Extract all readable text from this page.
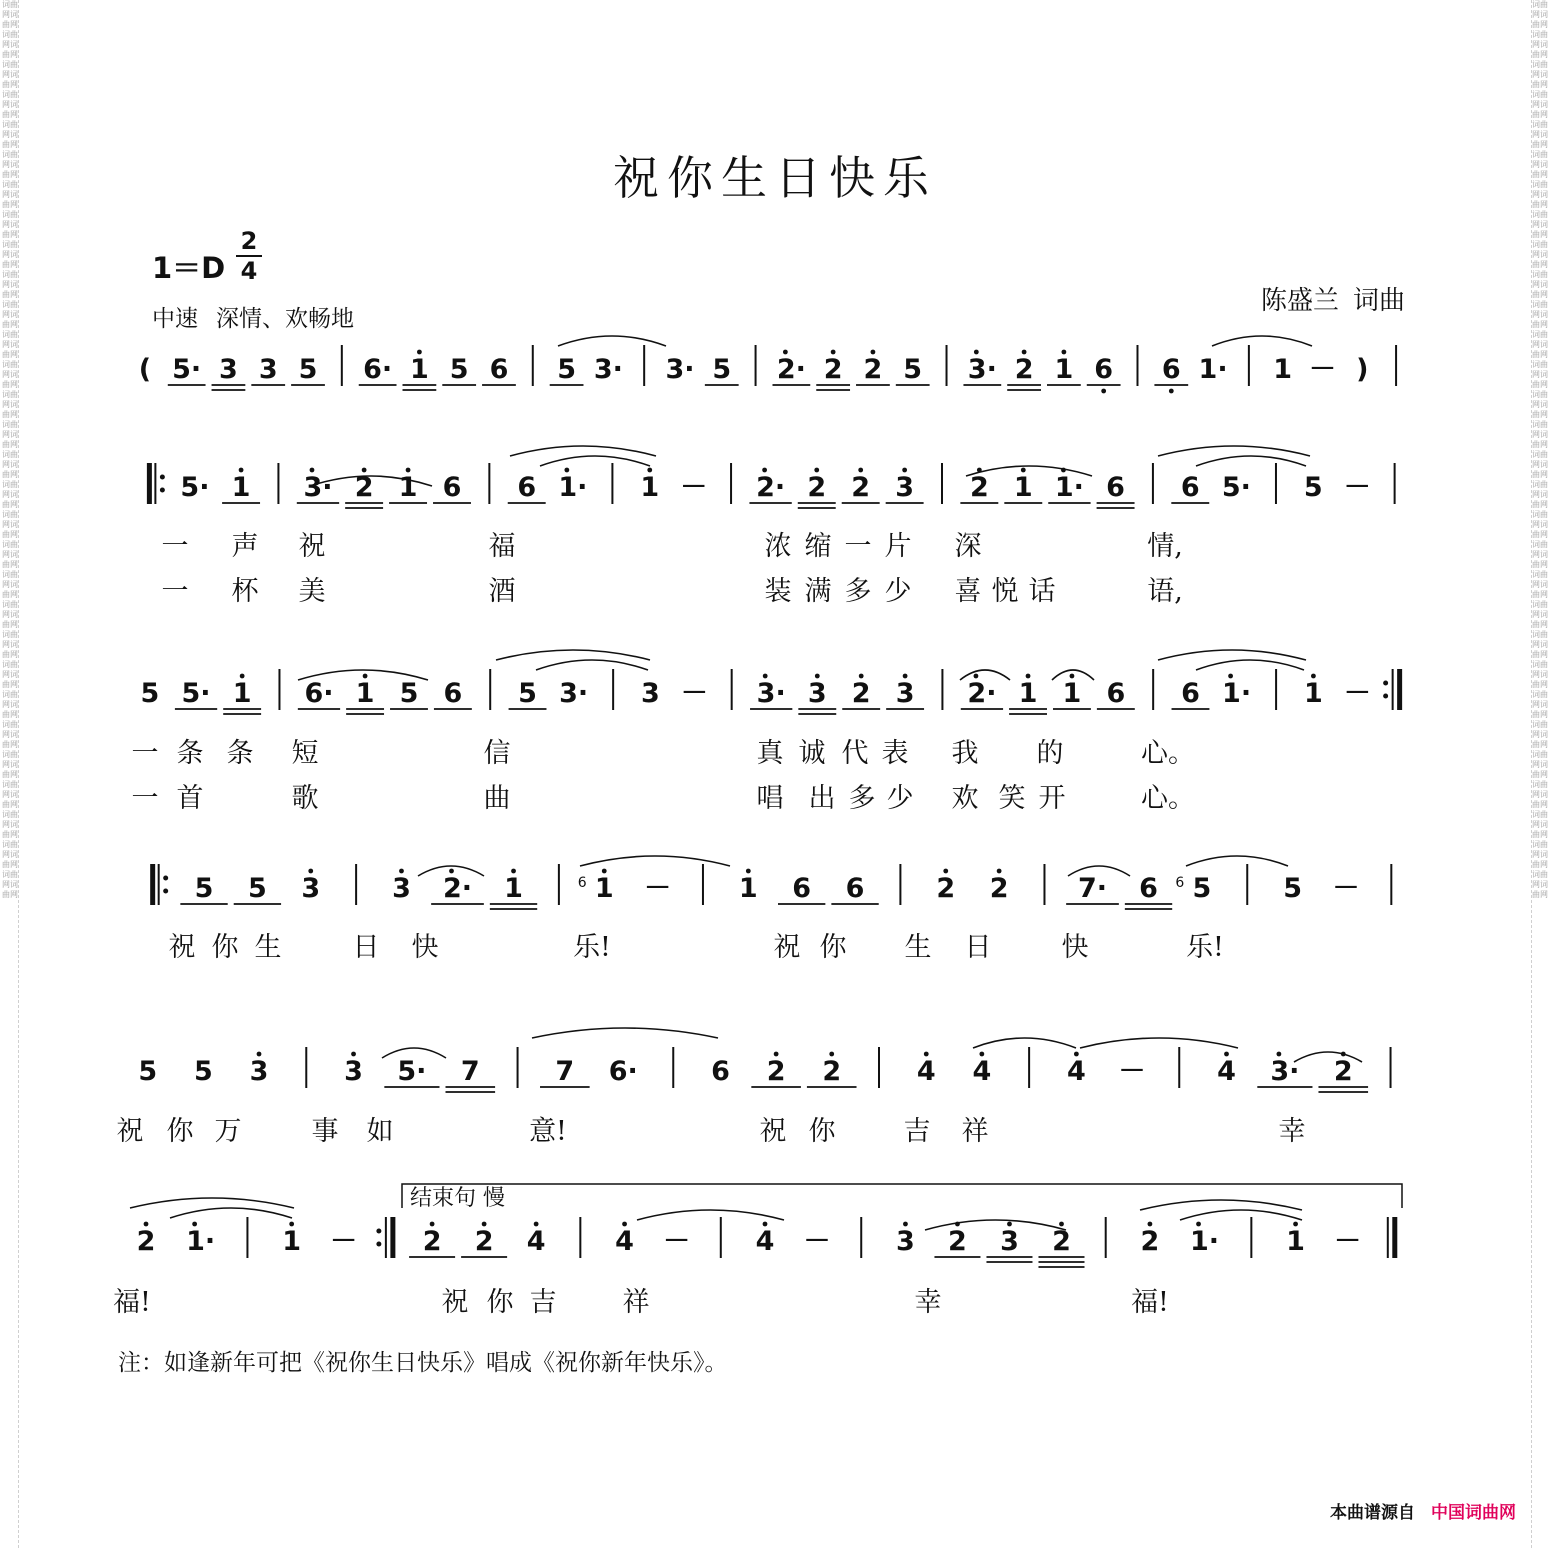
词曲网词曲网词曲网词曲网词曲网词曲网词曲网词曲网词曲网词曲网词曲网词曲网词曲网词曲网词曲网词曲网词曲网词曲网词曲网词曲网词曲网词曲网词曲网词曲网词曲网词曲网词曲网词曲网词曲网词曲网词曲网词曲网词曲网词曲网词曲网词曲网词曲网词曲网词曲网词曲网词曲网词曲网词曲网词曲网词曲网词曲网词曲网词曲网词曲网词曲网词曲网词曲网词曲网词曲网词曲网词曲网词曲网词曲网词曲网词曲网
词曲网词曲网词曲网词曲网词曲网词曲网词曲网词曲网词曲网词曲网词曲网词曲网词曲网词曲网词曲网词曲网词曲网词曲网词曲网词曲网词曲网词曲网词曲网词曲网词曲网词曲网词曲网词曲网词曲网词曲网词曲网词曲网词曲网词曲网词曲网词曲网词曲网词曲网词曲网词曲网词曲网词曲网词曲网词曲网词曲网词曲网词曲网词曲网词曲网词曲网词曲网词曲网词曲网词曲网词曲网词曲网词曲网词曲网词曲网词曲网
祝你生日快乐
1＝D
2
4
中速 深情、欢畅地
陈盛兰 词曲
( 5· 3 3 5 6· 1 5 6 5 3· 3· 5 2· 2 2 5 3· 2 1 6 6 1· 1 － )
5· 1 3· 2 1 6 6 1· 1 － 2· 2 2 3 2 1 1· 6 6 5· 5 －
一 声 祝	福	浓 缩 一 片 深	情,
一 杯 美	酒	装 满 多 少 喜 悦 话	语,
5 5· 1 6· 1 5 6 5 3· 3 － 3· 3 2 3 2· 1 1 6 6 1· 1 －
一 条 条 短	信	真 诚 代 表 我 的	心。
一 首	歌	曲	唱 出 多 少 欢 笑 开	心。
5 5 3	3 2· 1	1
6 －	1 6 6	2 2	7· 6 5
6	5 －
祝 你 生	日 快	乐!	祝 你 生 日	快	乐!
5 5 3	3 5· 7	7 6·	6 2 2	4 4	4 －	4 3· 2
祝 你 万	事 如	意!	祝 你	吉 祥	幸
2 1· 1 － 2 2 4	4 － 4 － 3 2 3 2	2 1· 1 －
福!	祝 你 吉 祥	幸	福!
结束句 慢
注：如逢新年可把《祝你生日快乐》唱成《祝你新年快乐》。
本曲谱源自 中国词曲网
